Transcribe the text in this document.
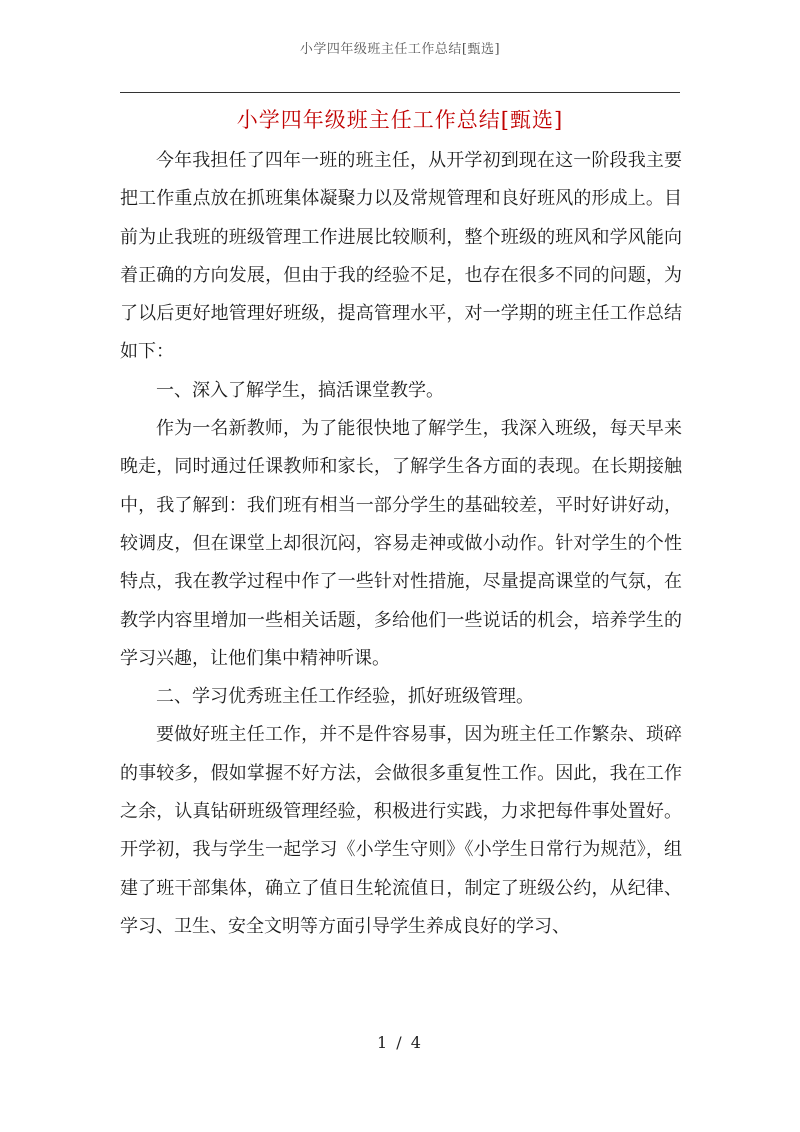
小学四年级班主任工作总结[甄选]
小学四年级班主任工作总结[甄选]

今年我担任了四年一班的班主任，从开学初到现在这一阶段我主要把工作重点放在抓班集体凝聚力以及常规管理和良好班风的形成上。目前为止我班的班级管理工作进展比较顺利，整个班级的班风和学风能向着正确的方向发展，但由于我的经验不足，也存在很多不同的问题，为了以后更好地管理好班级，提高管理水平，对一学期的班主任工作总结如下：

一、深入了解学生，搞活课堂教学。

作为一名新教师，为了能很快地了解学生，我深入班级，每天早来晚走，同时通过任课教师和家长，了解学生各方面的表现。在长期接触中，我了解到：我们班有相当一部分学生的基础较差，平时好讲好动，较调皮，但在课堂上却很沉闷，容易走神或做小动作。针对学生的个性特点，我在教学过程中作了一些针对性措施，尽量提高课堂的气氛，在教学内容里增加一些相关话题，多给他们一些说话的机会，培养学生的学习兴趣，让他们集中精神听课。

二、学习优秀班主任工作经验，抓好班级管理。

要做好班主任工作，并不是件容易事，因为班主任工作繁杂、琐碎的事较多，假如掌握不好方法，会做很多重复性工作。因此，我在工作之余，认真钻研班级管理经验，积极进行实践，力求把每件事处置好。开学初，我与学生一起学习《小学生守则》《小学生日常行为规范》，组建了班干部集体，确立了值日生轮流值日，制定了班级公约，从纪律、学习、卫生、安全文明等方面引导学生养成良好的学习、

1 / 4
